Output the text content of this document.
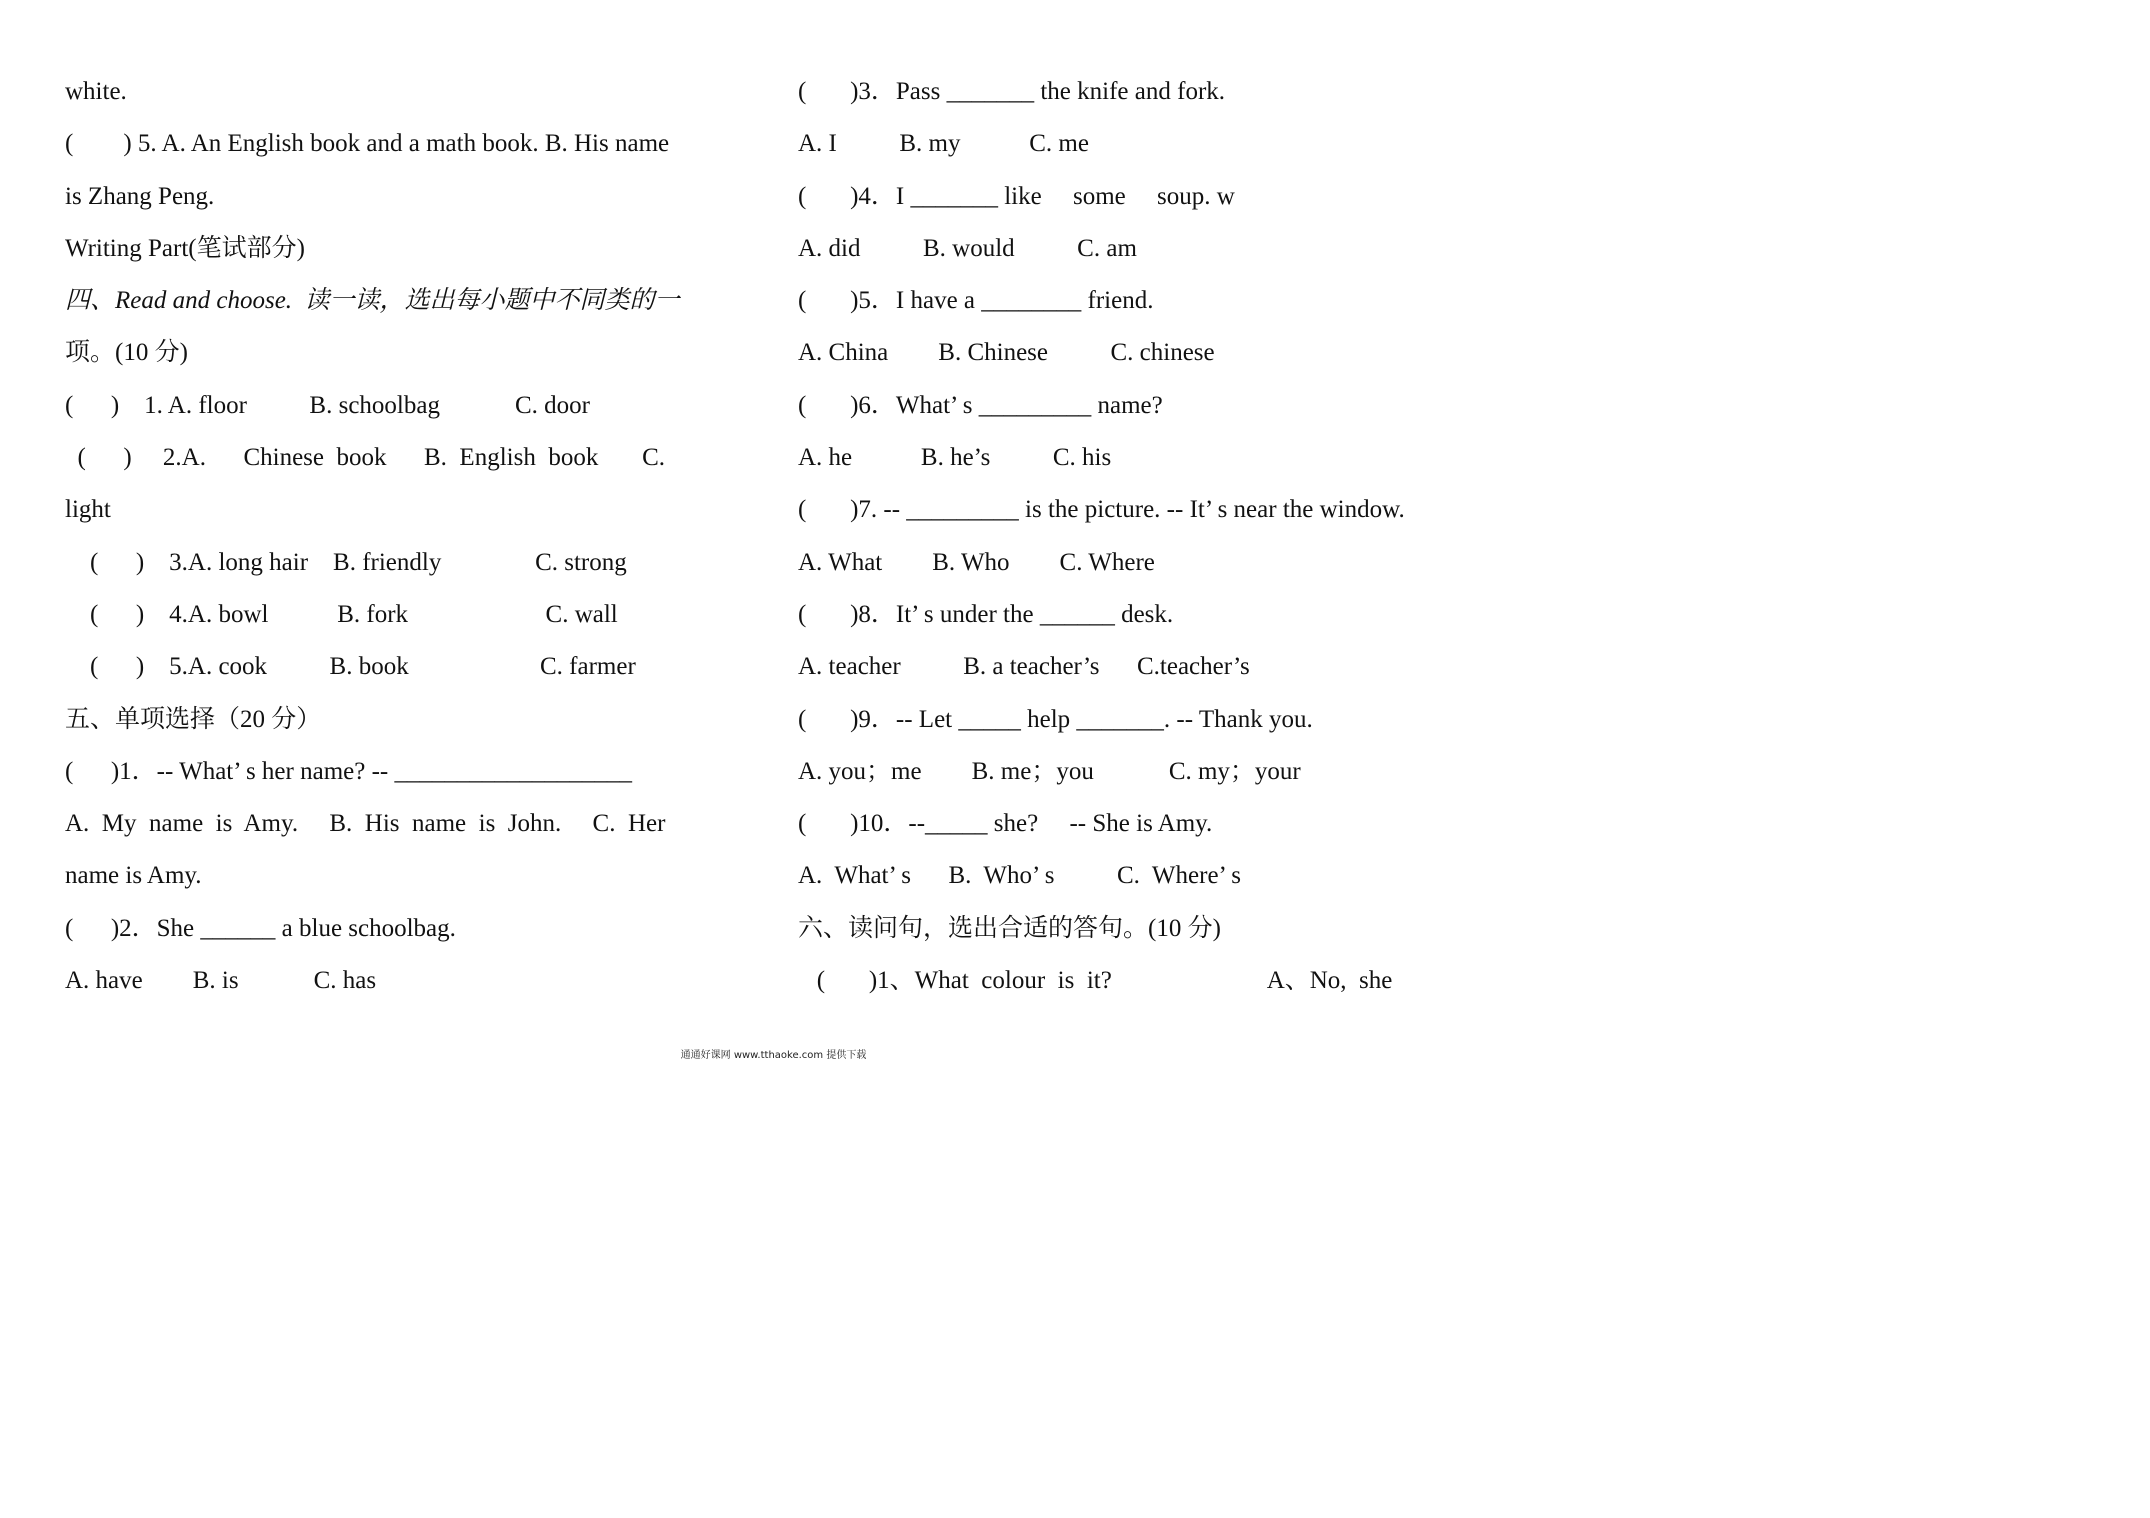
white.
(        ) 5. A. An English book and a math book. B. His name
is Zhang Peng.
Writing Part(笔试部分)
四、Read and choose.  读一读，选出每小题中不同类的一
项。(10 分)
(      )    1. A. floor          B. schoolbag            C. door
(      )     2.A.      Chinese  book      B.  English  book       C.
light
(      )    3.A. long hair    B. friendly               C. strong
(      )    4.A. bowl           B. fork                      C. wall
(      )    5.A. cook          B. book                     C. farmer
五、单项选择（20 分）
(      )1．-- What’ s her name? -- ___________________
A.  My  name  is  Amy.     B.  His  name  is  John.     C.  Her
name is Amy.
(      )2．She ______ a blue schoolbag.
A. have        B. is            C. has
(       )3．Pass _______ the knife and fork.
A. I          B. my           C. me
(       )4．I _______ like     some     soup. w
A. did          B. would          C. am
(       )5．I have a ________ friend.
A. China        B. Chinese          C. chinese
(       )6．What’ s _________ name?
A. he           B. he’s          C. his
(       )7. -- _________ is the picture. -- It’ s near the window.
A. What        B. Who        C. Where
(       )8．It’ s under the ______ desk.
A. teacher          B. a teacher’s      C.teacher’s
(       )9．-- Let _____ help _______. -- Thank you.
A. you；me        B. me；you            C. my；your
(       )10．--_____ she?     -- She is Amy.
A.  What’ s      B.  Who’ s          C.  Where’ s
六、读问句，选出合适的答句。(10 分)
(       )1、What  colour  is  it?                         A、No,  she
通通好课网 www.tthaoke.com 提供下载
